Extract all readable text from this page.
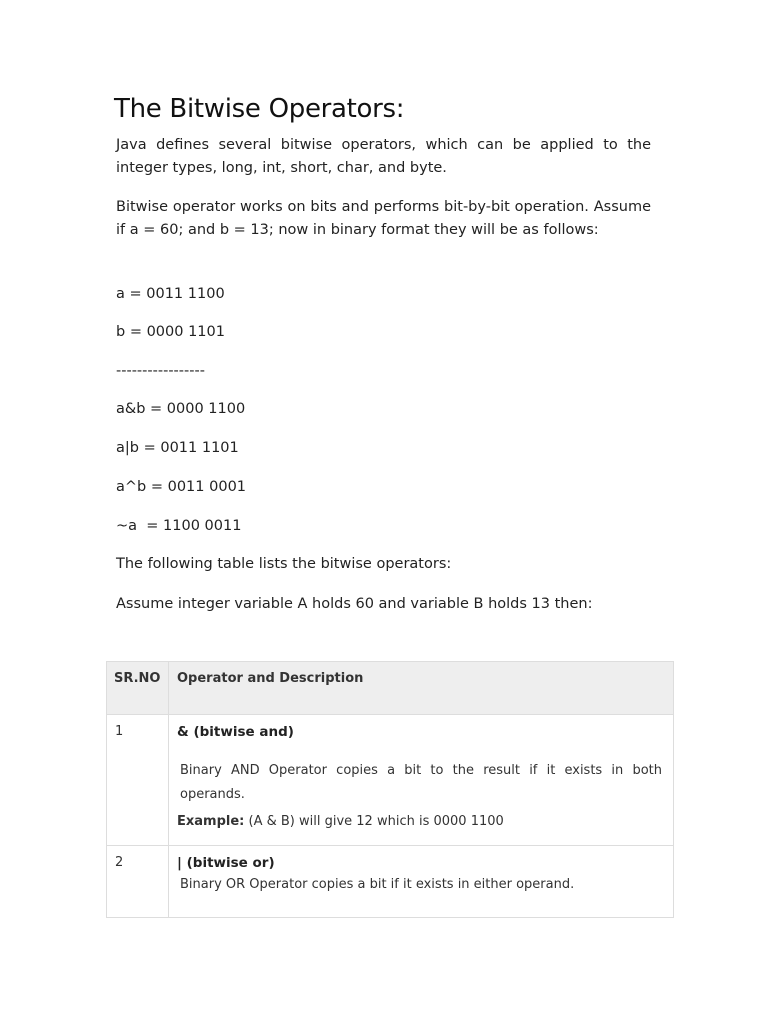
The Bitwise Operators:

Java defines several bitwise operators, which can be applied to the integer types, long, int, short, char, and byte.

Bitwise operator works on bits and performs bit-by-bit operation. Assume if a = 60; and b = 13; now in binary format they will be as follows:

a = 0011 1100

b = 0000 1101

-----------------

a&b = 0000 1100

a|b = 0011 1101

a^b = 0011 0001

~a  = 1100 0011

The following table lists the bitwise operators:

Assume integer variable A holds 60 and variable B holds 13 then:

SR.NO	Operator and Description

1	& (bitwise and)
Binary AND Operator copies a bit to the result if it exists in both operands.
Example: (A & B) will give 12 which is 0000 1100

2	| (bitwise or)
Binary OR Operator copies a bit if it exists in either operand.
